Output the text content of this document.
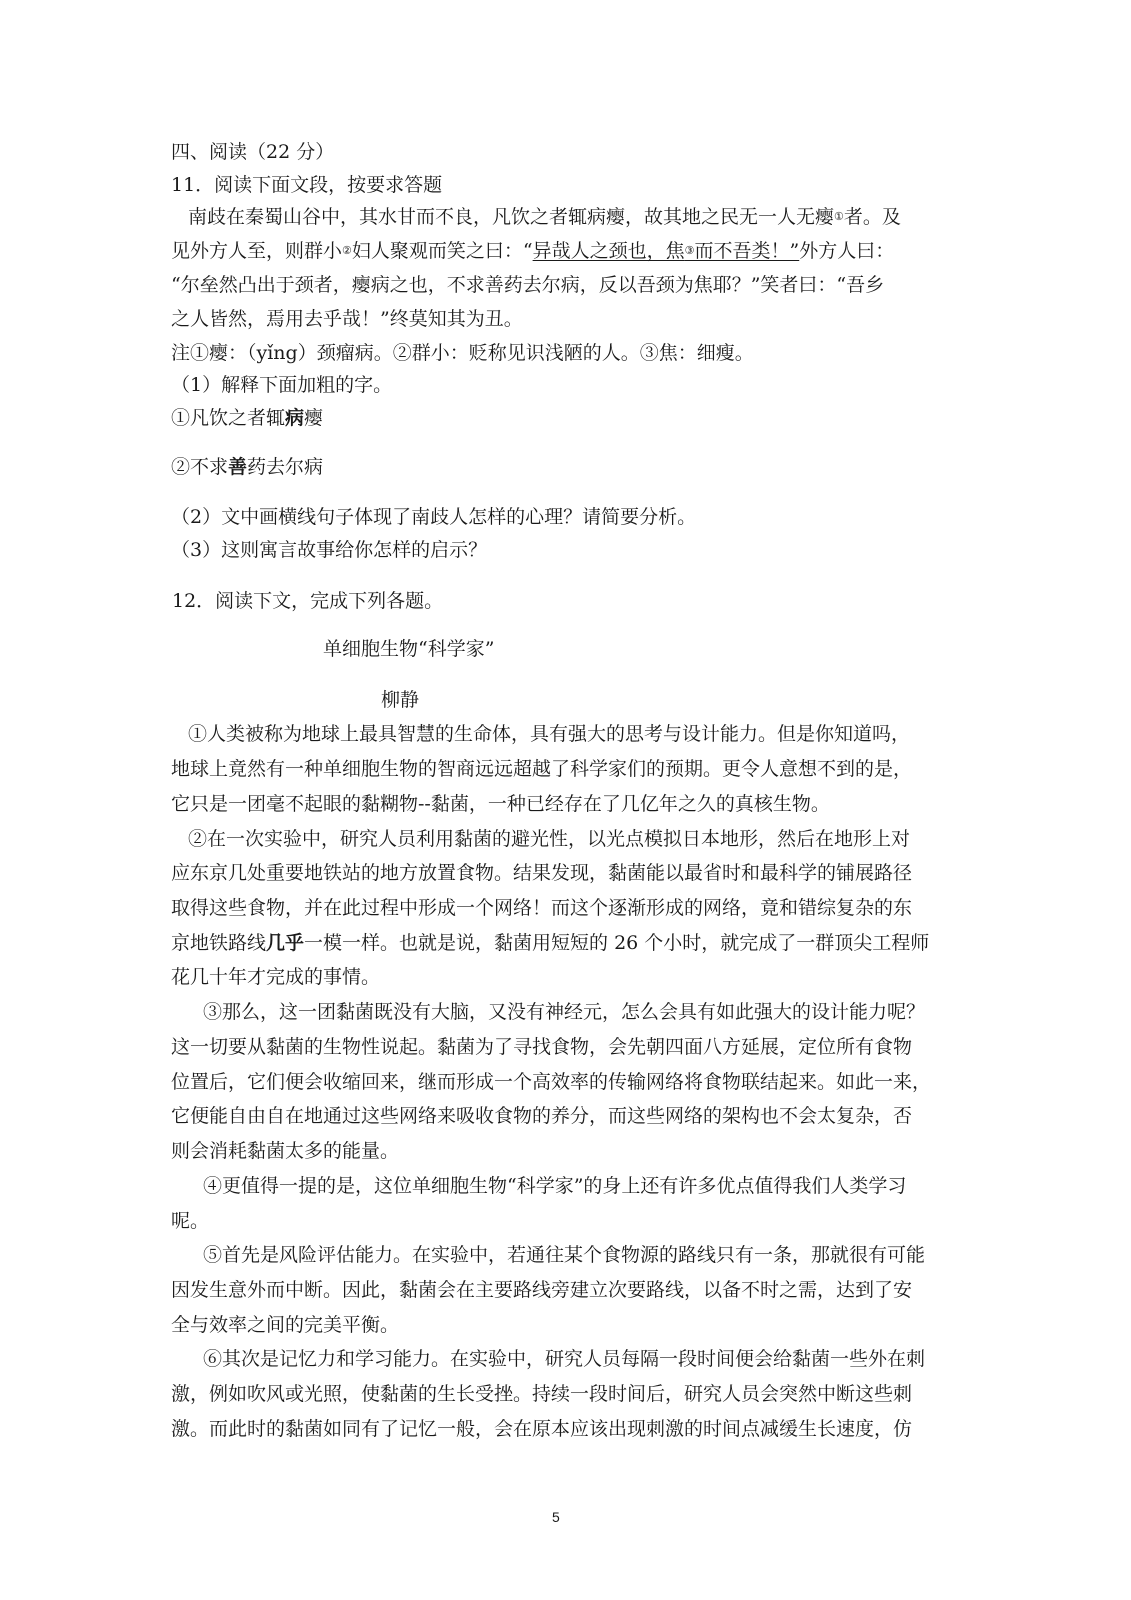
四、阅读（22 分）
11．阅读下面文段，按要求答题
南歧在秦蜀山谷中，其水甘而不良，凡饮之者辄病瘿，故其地之民无一人无瘿①者。及
见外方人至，则群小②妇人聚观而笑之曰：“异哉人之颈也，焦③而不吾类！”外方人曰：
“尔垒然凸出于颈者，瘿病之也，不求善药去尔病，反以吾颈为焦耶？”笑者曰：“吾乡
之人皆然，焉用去乎哉！”终莫知其为丑。
注①瘿：（yǐng）颈瘤病。②群小：贬称见识浅陋的人。③焦：细瘦。
（1）解释下面加粗的字。
①凡饮之者辄病瘿
②不求善药去尔病
（2）文中画横线句子体现了南歧人怎样的心理？请简要分析。
（3）这则寓言故事给你怎样的启示？
12．阅读下文，完成下列各题。
单细胞生物“科学家”
柳静
①人类被称为地球上最具智慧的生命体，具有强大的思考与设计能力。但是你知道吗，
地球上竟然有一种单细胞生物的智商远远超越了科学家们的预期。更令人意想不到的是，
它只是一团毫不起眼的黏糊物--黏菌，一种已经存在了几亿年之久的真核生物。
②在一次实验中，研究人员利用黏菌的避光性，以光点模拟日本地形，然后在地形上对
应东京几处重要地铁站的地方放置食物。结果发现，黏菌能以最省时和最科学的铺展路径
取得这些食物，并在此过程中形成一个网络！而这个逐渐形成的网络，竟和错综复杂的东
京地铁路线几乎一模一样。也就是说，黏菌用短短的 26 个小时，就完成了一群顶尖工程师
花几十年才完成的事情。
③那么，这一团黏菌既没有大脑，又没有神经元，怎么会具有如此强大的设计能力呢？
这一切要从黏菌的生物性说起。黏菌为了寻找食物，会先朝四面八方延展，定位所有食物
位置后，它们便会收缩回来，继而形成一个高效率的传输网络将食物联结起来。如此一来，
它便能自由自在地通过这些网络来吸收食物的养分，而这些网络的架构也不会太复杂，否
则会消耗黏菌太多的能量。
④更值得一提的是，这位单细胞生物“科学家”的身上还有许多优点值得我们人类学习
呢。
⑤首先是风险评估能力。在实验中，若通往某个食物源的路线只有一条，那就很有可能
因发生意外而中断。因此，黏菌会在主要路线旁建立次要路线，以备不时之需，达到了安
全与效率之间的完美平衡。
⑥其次是记忆力和学习能力。在实验中，研究人员每隔一段时间便会给黏菌一些外在刺
激，例如吹风或光照，使黏菌的生长受挫。持续一段时间后，研究人员会突然中断这些刺
激。而此时的黏菌如同有了记忆一般，会在原本应该出现刺激的时间点减缓生长速度，仿
5
